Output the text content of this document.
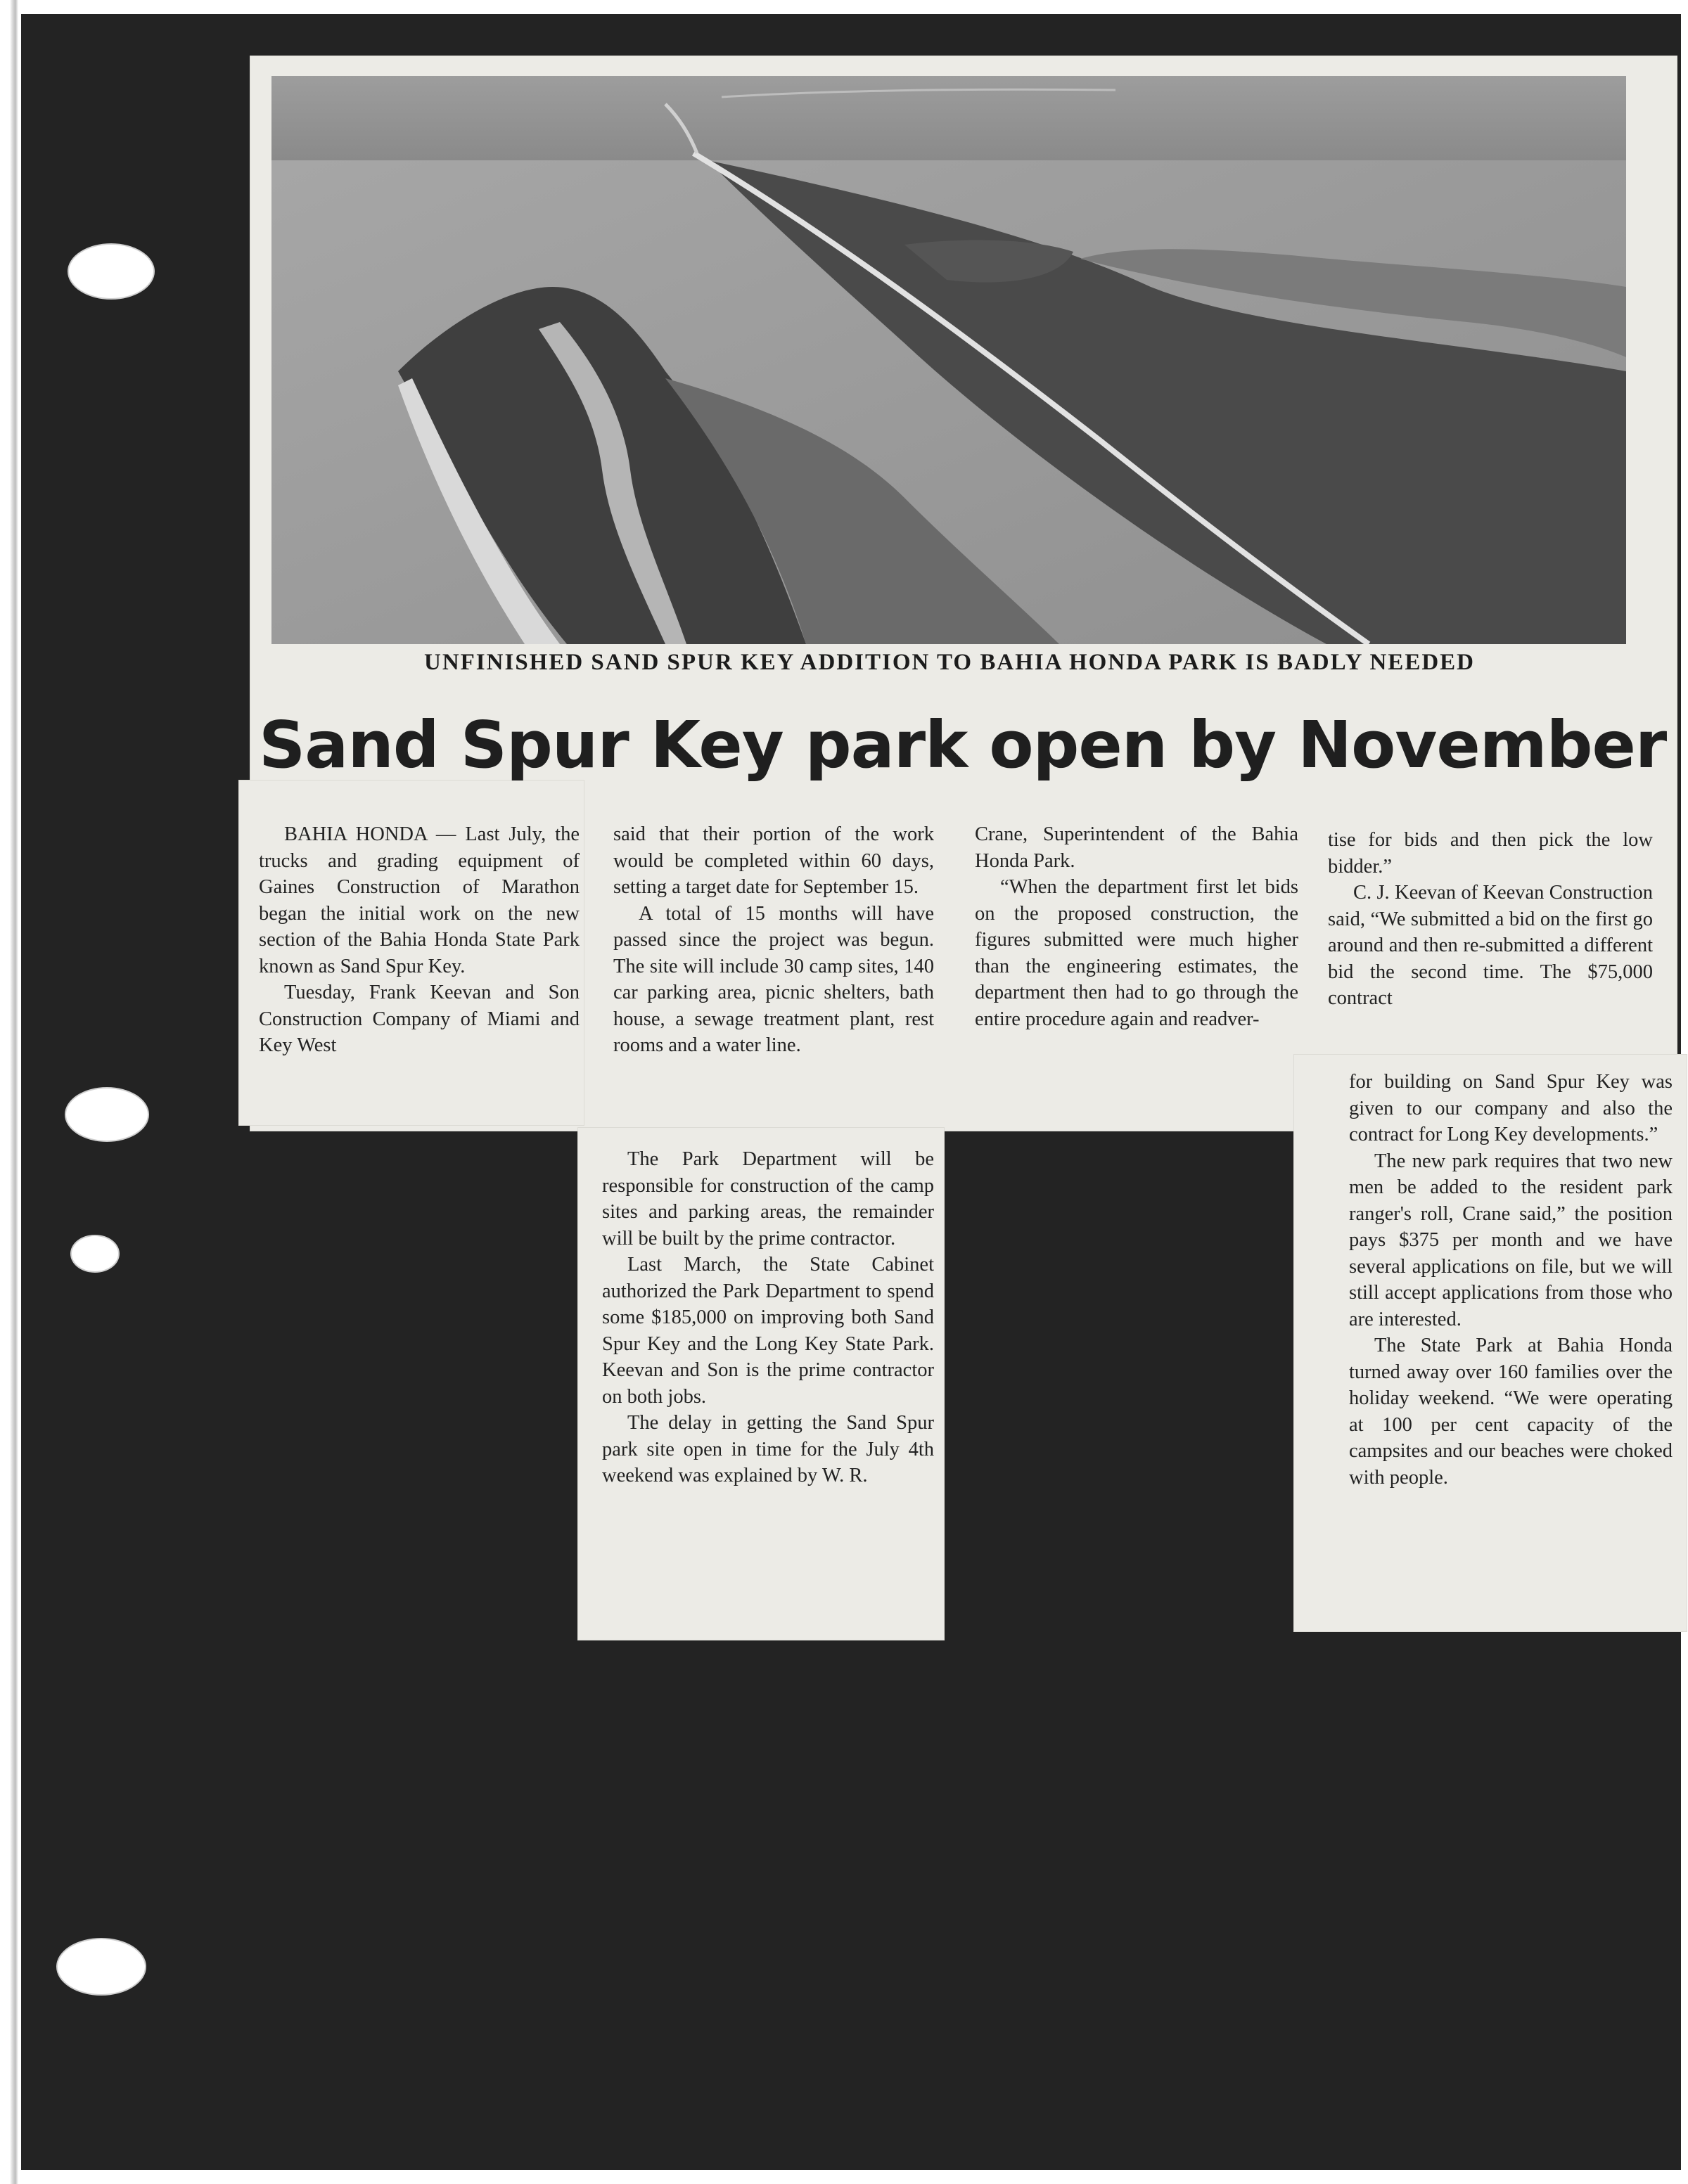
UNFINISHED SAND SPUR KEY ADDITION TO BAHIA HONDA PARK IS BADLY NEEDED
Sand Spur Key park open by November

BAHIA HONDA — Last July, the trucks and grading equipment of Gaines Construction of Marathon began the initial work on the new section of the Bahia Honda State Park known as Sand Spur Key.

Tuesday, Frank Keevan and Son Construction Company of Miami and Key West

said that their portion of the work would be completed within 60 days, setting a target date for September 15.

A total of 15 months will have passed since the project was begun. The site will include 30 camp sites, 140 car parking area, picnic shelters, bath house, a sewage treatment plant, rest rooms and a water line.

The Park Department will be responsible for construction of the camp sites and parking areas, the remainder will be built by the prime contractor.

Last March, the State Cabinet authorized the Park Department to spend some $185,000 on improving both Sand Spur Key and the Long Key State Park. Keevan and Son is the prime contractor on both jobs.

The delay in getting the Sand Spur park site open in time for the July 4th weekend was explained by W. R.

Crane, Superintendent of the Bahia Honda Park.

“When the department first let bids on the proposed construction, the figures submitted were much higher than the engineering estimates, the department then had to go through the entire procedure again and readver-

tise for bids and then pick the low bidder.”

C. J. Keevan of Keevan Construction said, “We submitted a bid on the first go around and then re-submitted a different bid the second time. The $75,000 contract

for building on Sand Spur Key was given to our company and also the contract for Long Key developments.”

The new park requires that two new men be added to the resident park ranger's roll, Crane said,” the position pays $375 per month and we have several applications on file, but we will still accept applications from those who are interested.

The State Park at Bahia Honda turned away over 160 families over the holiday weekend. “We were operating at 100 per cent capacity of the campsites and our beaches were choked with people.
